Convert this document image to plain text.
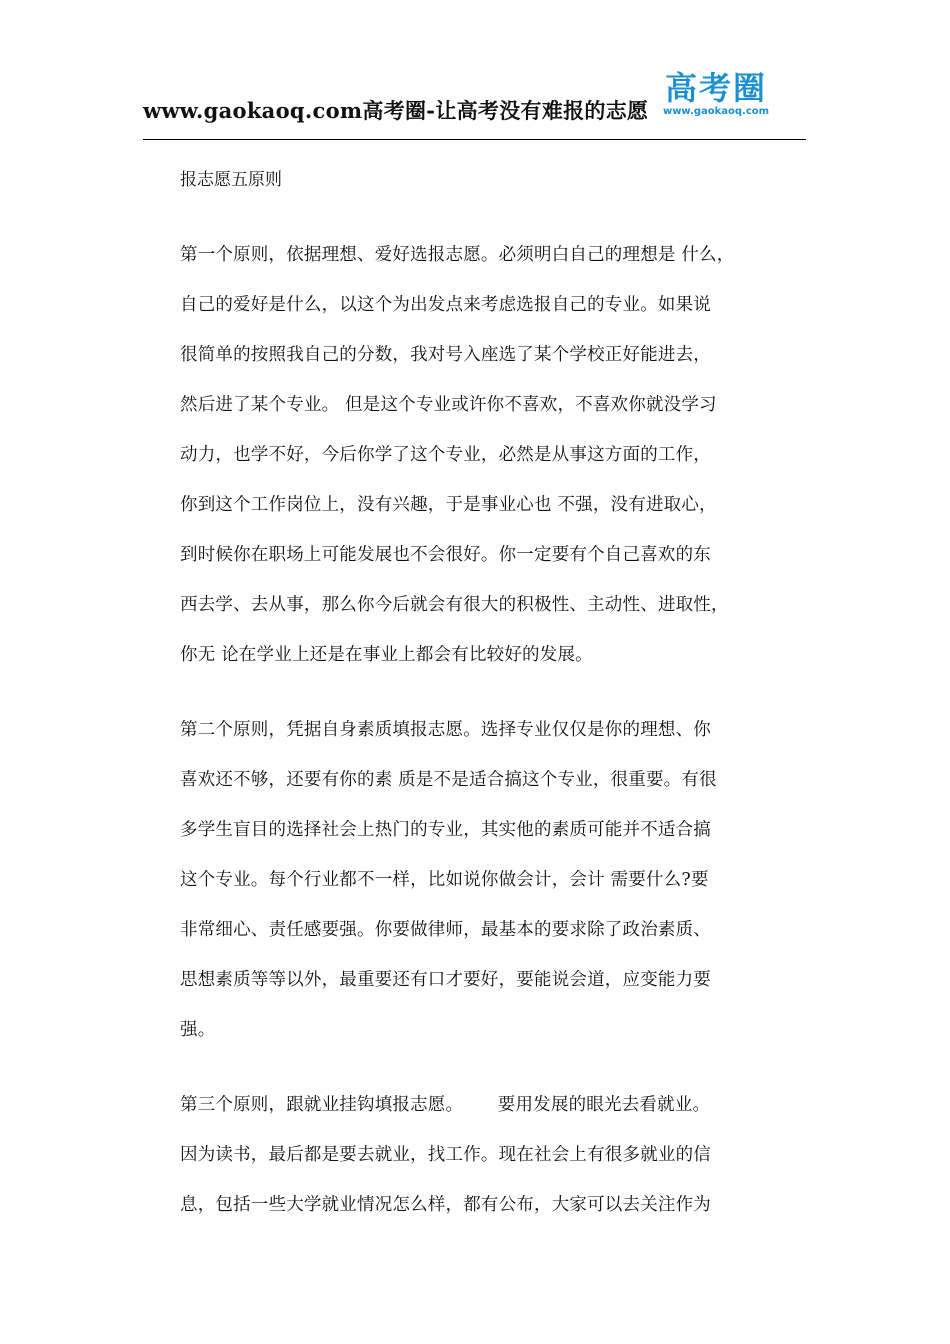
www.gaokaoq.com高考圈-让高考没有难报的志愿
高考圈
www.gaokaoq.com
报志愿五原则
第一个原则，依据理想、爱好选报志愿。必须明白自己的理想是 什么，
自己的爱好是什么，以这个为出发点来考虑选报自己的专业。如果说
很简单的按照我自己的分数，我对号入座选了某个学校正好能进去，
然后进了某个专业。 但是这个专业或许你不喜欢，不喜欢你就没学习
动力，也学不好，今后你学了这个专业，必然是从事这方面的工作，
你到这个工作岗位上，没有兴趣，于是事业心也 不强，没有进取心，
到时候你在职场上可能发展也不会很好。你一定要有个自己喜欢的东
西去学、去从事，那么你今后就会有很大的积极性、主动性、进取性，
你无 论在学业上还是在事业上都会有比较好的发展。
第二个原则，凭据自身素质填报志愿。选择专业仅仅是你的理想、你
喜欢还不够，还要有你的素 质是不是适合搞这个专业，很重要。有很
多学生盲目的选择社会上热门的专业，其实他的素质可能并不适合搞
这个专业。每个行业都不一样，比如说你做会计，会计 需要什么?要
非常细心、责任感要强。你要做律师，最基本的要求除了政治素质、
思想素质等等以外，最重要还有口才要好，要能说会道，应变能力要
强。
第三个原则，跟就业挂钩填报志愿。      要用发展的眼光去看就业。
因为读书，最后都是要去就业，找工作。现在社会上有很多就业的信
息，包括一些大学就业情况怎么样，都有公布，大家可以去关注作为
